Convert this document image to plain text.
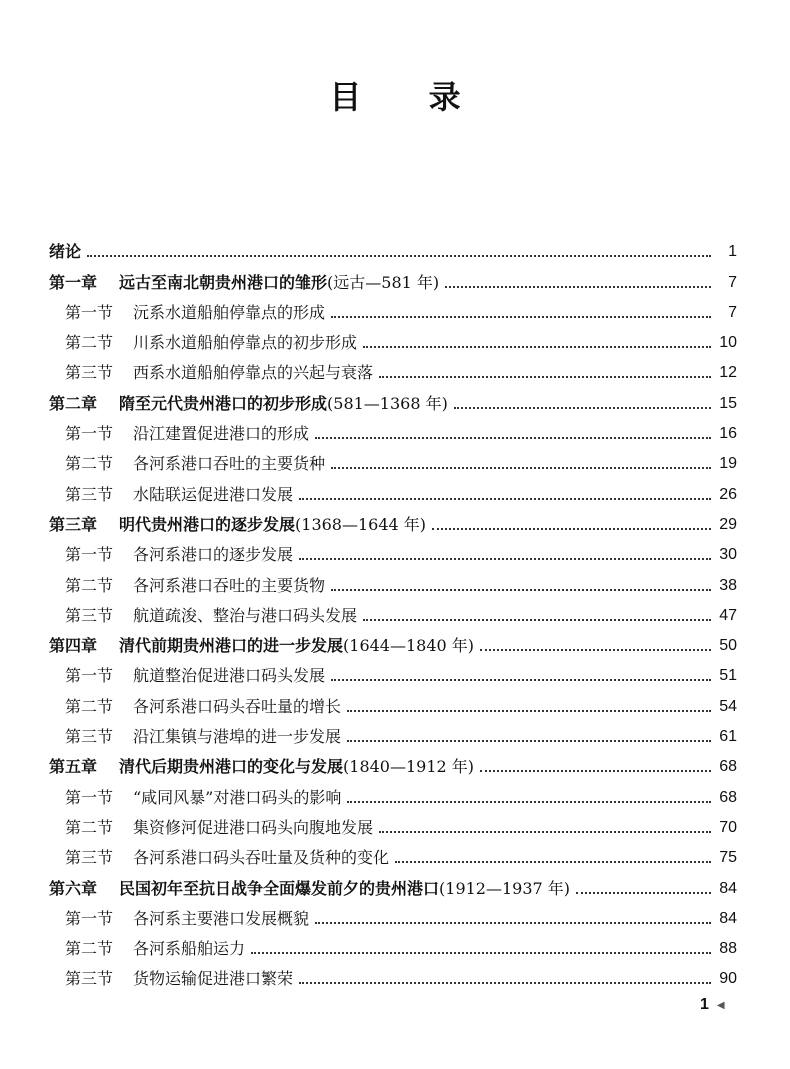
目 录
绪论	1
第一章	远古至南北朝贵州港口的雏形 (远古—581 年)	7
第一节	沅系水道船舶停靠点的形成	7
第二节	川系水道船舶停靠点的初步形成	10
第三节	西系水道船舶停靠点的兴起与衰落	12
第二章	隋至元代贵州港口的初步形成 (581—1368 年)	15
第一节	沿江建置促进港口的形成	16
第二节	各河系港口吞吐的主要货种	19
第三节	水陆联运促进港口发展	26
第三章	明代贵州港口的逐步发展 (1368—1644 年)	29
第一节	各河系港口的逐步发展	30
第二节	各河系港口吞吐的主要货物	38
第三节	航道疏浚、整治与港口码头发展	47
第四章	清代前期贵州港口的进一步发展 (1644—1840 年)	50
第一节	航道整治促进港口码头发展	51
第二节	各河系港口码头吞吐量的增长	54
第三节	沿江集镇与港埠的进一步发展	61
第五章	清代后期贵州港口的变化与发展 (1840—1912 年)	68
第一节	“咸同风暴”对港口码头的影响	68
第二节	集资修河促进港口码头向腹地发展	70
第三节	各河系港口码头吞吐量及货种的变化	75
第六章	民国初年至抗日战争全面爆发前夕的贵州港口 (1912—1937 年)	84
第一节	各河系主要港口发展概貌	84
第二节	各河系船舶运力	88
第三节	货物运输促进港口繁荣	90
1 ◀
